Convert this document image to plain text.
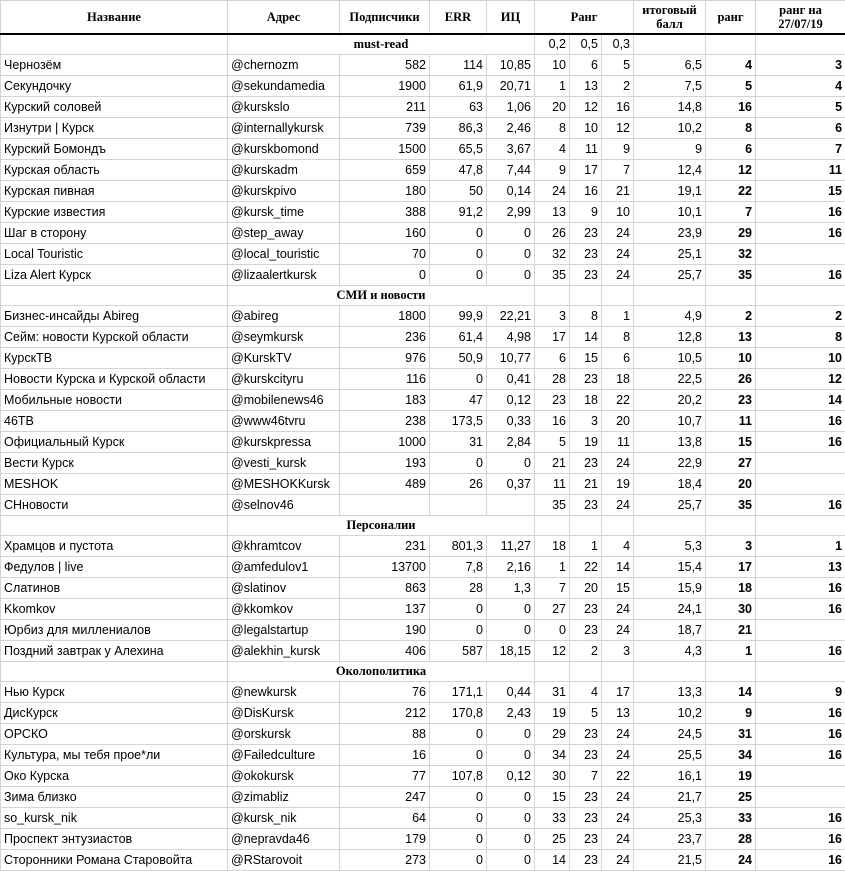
Название	Адрес	Подписчики	ERR	ИЦ	Ранг			итоговый балл	ранг	ранг на 27/07/19
	must-read				0,2	0,5	0,3			
Чернозём	@chernozm	582	114	10,85	10	6	5	6,5	4	3
Секундочку	@sekundamedia	1900	61,9	20,71	1	13	2	7,5	5	4
Курский соловей	@kurskslo	211	63	1,06	20	12	16	14,8	16	5
Изнутри | Курск	@internallykursk	739	86,3	2,46	8	10	12	10,2	8	6
Курский Бомондъ	@kurskbomond	1500	65,5	3,67	4	11	9	9	6	7
Курская область	@kurskadm	659	47,8	7,44	9	17	7	12,4	12	11
Курская пивная	@kurskpivo	180	50	0,14	24	16	21	19,1	22	15
Курские известия	@kursk_time	388	91,2	2,99	13	9	10	10,1	7	16
Шаг в сторону	@step_away	160	0	0	26	23	24	23,9	29	16
Local Touristic	@local_touristic	70	0	0	32	23	24	25,1	32	
Liza Alert Курск	@lizaalertkursk	0	0	0	35	23	24	25,7	35	16
	СМИ и новости									
Бизнес-инсайды Abireg	@abireg	1800	99,9	22,21	3	8	1	4,9	2	2
Сейм: новости Курской области	@seymkursk	236	61,4	4,98	17	14	8	12,8	13	8
КурскТВ	@KurskTV	976	50,9	10,77	6	15	6	10,5	10	10
Новости Курска и Курской области	@kurskcityru	116	0	0,41	28	23	18	22,5	26	12
Мобильные новости	@mobilenews46	183	47	0,12	23	18	22	20,2	23	14
46ТВ	@www46tvru	238	173,5	0,33	16	3	20	10,7	11	16
Официальный Курск	@kurskpressa	1000	31	2,84	5	19	11	13,8	15	16
Вести Курск	@vesti_kursk	193	0	0	21	23	24	22,9	27	
MESHOK	@MESHOKKursk	489	26	0,37	11	21	19	18,4	20	
CHновости	@selnov46				35	23	24	25,7	35	16
	Персоналии									
Храмцов и пустота	@khramtcov	231	801,3	11,27	18	1	4	5,3	3	1
Федулов | live	@amfedulov1	13700	7,8	2,16	1	22	14	15,4	17	13
Слатинов	@slatinov	863	28	1,3	7	20	15	15,9	18	16
Kkomkov	@kkomkov	137	0	0	27	23	24	24,1	30	16
Юрбиз для миллениалов	@legalstartup	190	0	0	0	23	24	18,7	21	
Поздний завтрак у Алехина	@alekhin_kursk	406	587	18,15	12	2	3	4,3	1	16
	Околополитика									
Нью Курск	@newkursk	76	171,1	0,44	31	4	17	13,3	14	9
ДисКурск	@DisKursk	212	170,8	2,43	19	5	13	10,2	9	16
ОРСКО	@orskursk	88	0	0	29	23	24	24,5	31	16
Культура, мы тебя прое*ли	@Failedculture	16	0	0	34	23	24	25,5	34	16
Око Курска	@okokursk	77	107,8	0,12	30	7	22	16,1	19	
Зима близко	@zimabliz	247	0	0	15	23	24	21,7	25	
so_kursk_nik	@kursk_nik	64	0	0	33	23	24	25,3	33	16
Проспект энтузиастов	@nepravda46	179	0	0	25	23	24	23,7	28	16
Сторонники Романа Старовойта	@RStarovoit	273	0	0	14	23	24	21,5	24	16
